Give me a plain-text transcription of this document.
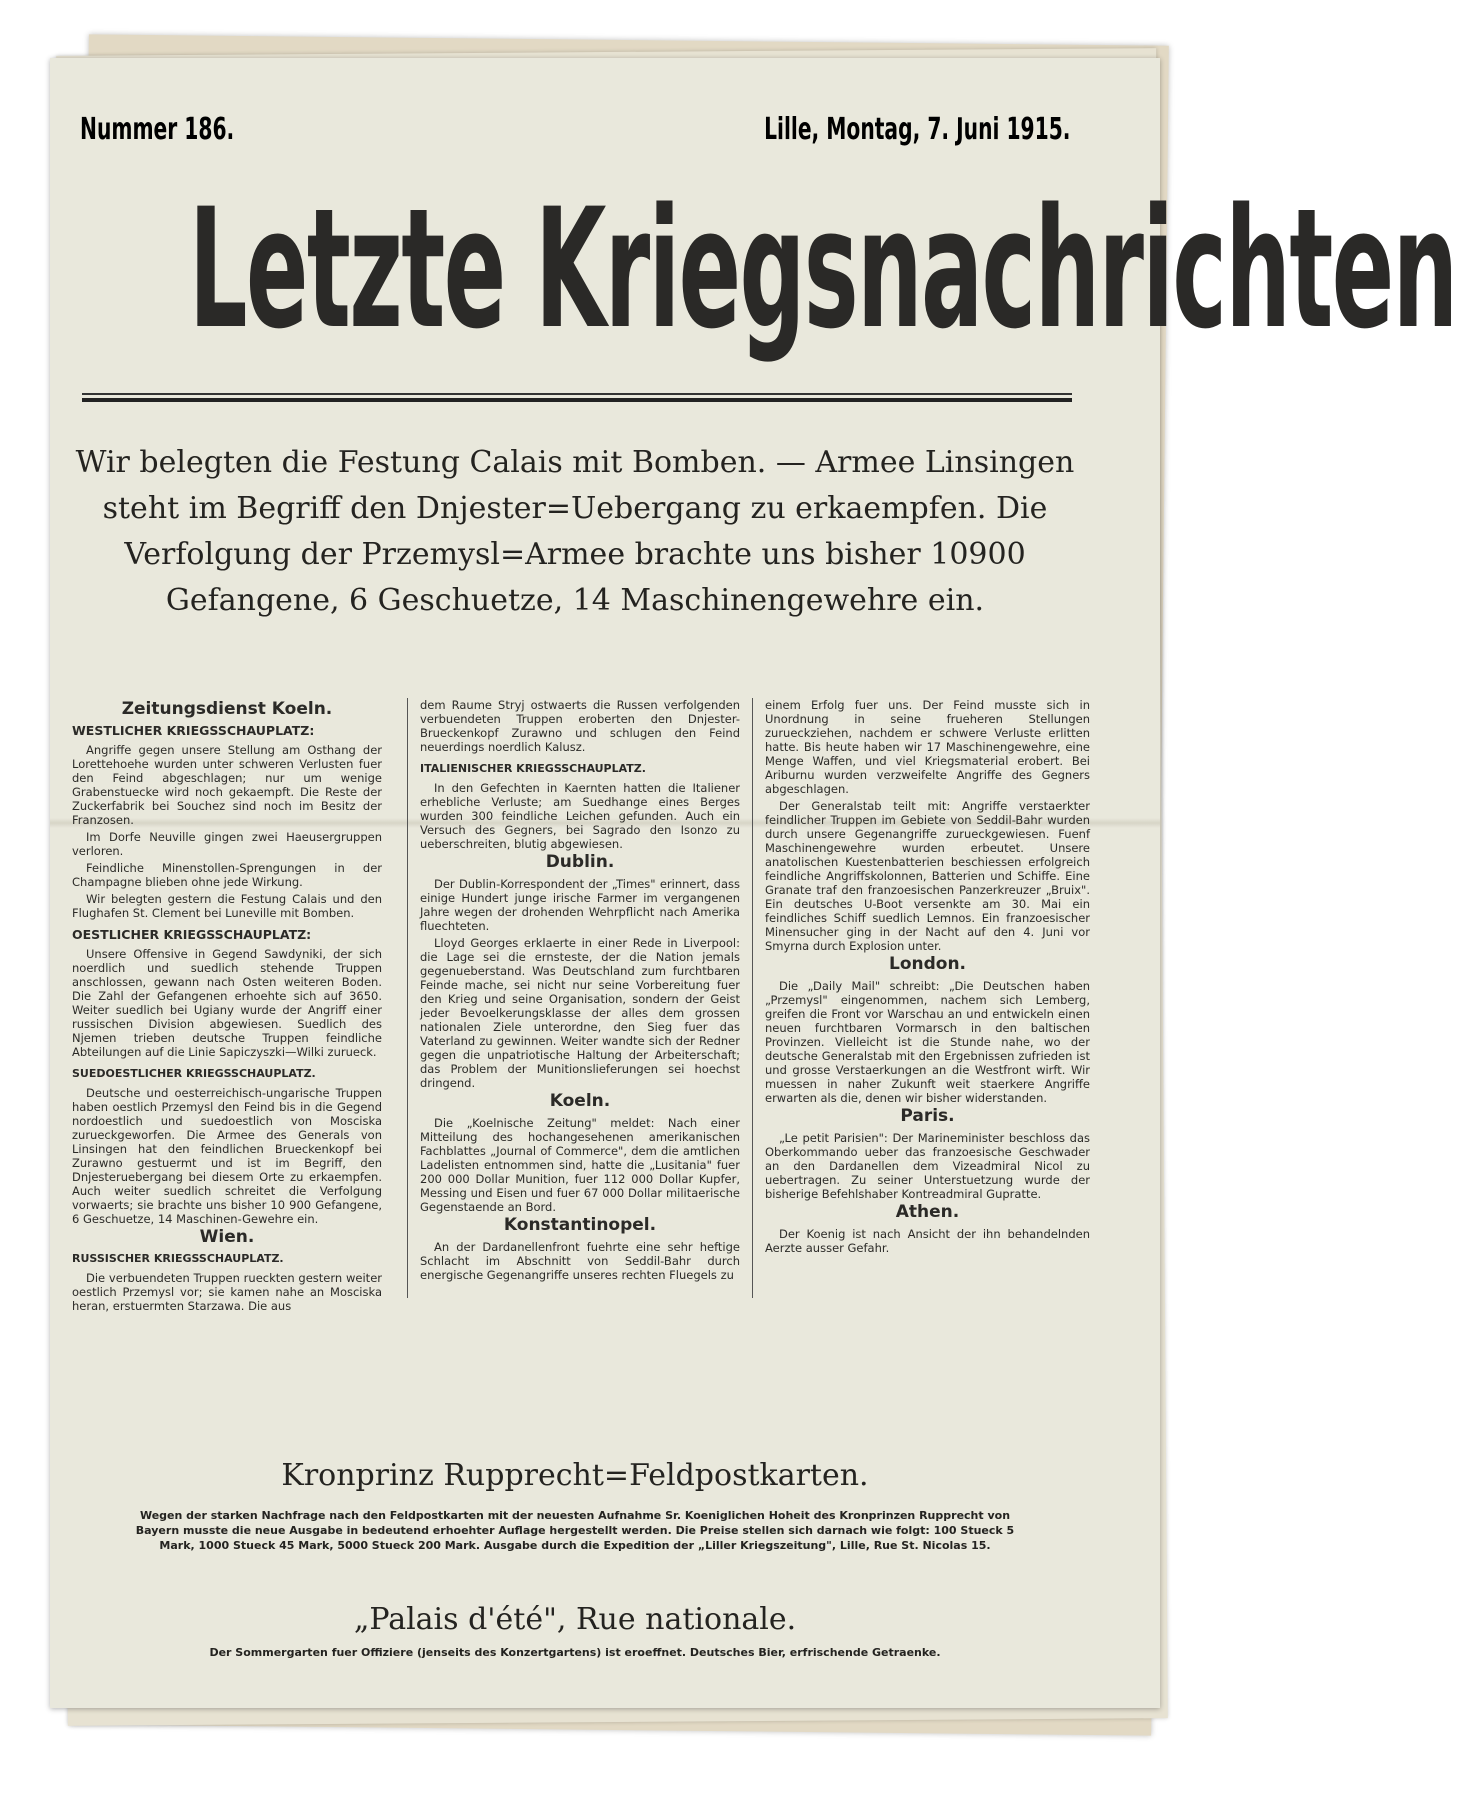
Nummer 186.	Lille, Montag, 7. Juni 1915.
Letzte Kriegsnachrichten
Wir belegten die Festung Calais mit Bomben. — Armee Linsingen steht im Begriff den Dnjester=Uebergang zu erkaempfen. Die Verfolgung der Przemysl=Armee brachte uns bisher 10900 Gefangene, 6 Geschuetze, 14 Maschinengewehre ein.
Zeitungsdienst Koeln.
WESTLICHER KRIEGSSCHAUPLATZ:

Angriffe gegen unsere Stellung am Osthang der Lorettehoehe wurden unter schweren Verlusten fuer den Feind abgeschlagen; nur um wenige Grabenstuecke wird noch gekaempft. Die Reste der Zuckerfabrik bei Souchez sind noch im Besitz der Franzosen.

Im Dorfe Neuville gingen zwei Haeusergruppen verloren.

Feindliche Minenstollen-Sprengungen in der Champagne blieben ohne jede Wirkung.

Wir belegten gestern die Festung Calais und den Flughafen St. Clement bei Luneville mit Bomben.

OESTLICHER KRIEGSSCHAUPLATZ:

Unsere Offensive in Gegend Sawdyniki, der sich noerdlich und suedlich stehende Truppen anschlossen, gewann nach Osten weiteren Boden. Die Zahl der Gefangenen erhoehte sich auf 3650. Weiter suedlich bei Ugiany wurde der Angriff einer russischen Division abgewiesen. Suedlich des Njemen trieben deutsche Truppen feindliche Abteilungen auf die Linie Sapiczyszki—Wilki zurueck.

SUEDOESTLICHER KRIEGSSCHAUPLATZ.

Deutsche und oesterreichisch-ungarische Truppen haben oestlich Przemysl den Feind bis in die Gegend nordoestlich und suedoestlich von Mosciska zurueckgeworfen. Die Armee des Generals von Linsingen hat den feindlichen Brueckenkopf bei Zurawno gestuermt und ist im Begriff, den Dnjesteruebergang bei diesem Orte zu erkaempfen. Auch weiter suedlich schreitet die Verfolgung vorwaerts; sie brachte uns bisher 10 900 Gefangene, 6 Geschuetze, 14 Maschinen-Gewehre ein.

Wien.
RUSSISCHER KRIEGSSCHAUPLATZ.

Die verbuendeten Truppen rueckten gestern weiter oestlich Przemysl vor; sie kamen nahe an Mosciska heran, erstuermten Starzawa. Die aus

dem Raume Stryj ostwaerts die Russen verfolgenden verbuendeten Truppen eroberten den Dnjester-Brueckenkopf Zurawno und schlugen den Feind neuerdings noerdlich Kalusz.

ITALIENISCHER KRIEGSSCHAUPLATZ.

In den Gefechten in Kaernten hatten die Italiener erhebliche Verluste; am Suedhange eines Berges wurden 300 feindliche Leichen gefunden. Auch ein Versuch des Gegners, bei Sagrado den Isonzo zu ueberschreiten, blutig abgewiesen.

Dublin.

Der Dublin-Korrespondent der „Times" erinnert, dass einige Hundert junge irische Farmer im vergangenen Jahre wegen der drohenden Wehrpflicht nach Amerika fluechteten.

Lloyd Georges erklaerte in einer Rede in Liverpool: die Lage sei die ernsteste, der die Nation jemals gegenueberstand. Was Deutschland zum furchtbaren Feinde mache, sei nicht nur seine Vorbereitung fuer den Krieg und seine Organisation, sondern der Geist jeder Bevoelkerungsklasse der alles dem grossen nationalen Ziele unterordne, den Sieg fuer das Vaterland zu gewinnen. Weiter wandte sich der Redner gegen die unpatriotische Haltung der Arbeiterschaft; das Problem der Munitionslieferungen sei hoechst dringend.

Koeln.

Die „Koelnische Zeitung" meldet: Nach einer Mitteilung des hochangesehenen amerikanischen Fachblattes „Journal of Commerce", dem die amtlichen Ladelisten entnommen sind, hatte die „Lusitania" fuer 200 000 Dollar Munition, fuer 112 000 Dollar Kupfer, Messing und Eisen und fuer 67 000 Dollar militaerische Gegenstaende an Bord.

Konstantinopel.

An der Dardanellenfront fuehrte eine sehr heftige Schlacht im Abschnitt von Seddil-Bahr durch energische Gegenangriffe unseres rechten Fluegels zu

einem Erfolg fuer uns. Der Feind musste sich in Unordnung in seine frueheren Stellungen zurueckziehen, nachdem er schwere Verluste erlitten hatte. Bis heute haben wir 17 Maschinengewehre, eine Menge Waffen, und viel Kriegsmaterial erobert. Bei Ariburnu wurden verzweifelte Angriffe des Gegners abgeschlagen.

Der Generalstab teilt mit: Angriffe verstaerkter feindlicher Truppen im Gebiete von Seddil-Bahr wurden durch unsere Gegenangriffe zurueckgewiesen. Fuenf Maschinengewehre wurden erbeutet. Unsere anatolischen Kuestenbatterien beschiessen erfolgreich feindliche Angriffskolonnen, Batterien und Schiffe. Eine Granate traf den franzoesischen Panzerkreuzer „Bruix". Ein deutsches U-Boot versenkte am 30. Mai ein feindliches Schiff suedlich Lemnos. Ein franzoesischer Minensucher ging in der Nacht auf den 4. Juni vor Smyrna durch Explosion unter.

London.

Die „Daily Mail" schreibt: „Die Deutschen haben „Przemysl" eingenommen, nachem sich Lemberg, greifen die Front vor Warschau an und entwickeln einen neuen furchtbaren Vormarsch in den baltischen Provinzen. Vielleicht ist die Stunde nahe, wo der deutsche Generalstab mit den Ergebnissen zufrieden ist und grosse Verstaerkungen an die Westfront wirft. Wir muessen in naher Zukunft weit staerkere Angriffe erwarten als die, denen wir bisher widerstanden.

Paris.

„Le petit Parisien": Der Marineminister beschloss das Oberkommando ueber das franzoesische Geschwader an den Dardanellen dem Vizeadmiral Nicol zu uebertragen. Zu seiner Unterstuetzung wurde der bisherige Befehlshaber Kontreadmiral Gupratte.

Athen.

Der Koenig ist nach Ansicht der ihn behandelnden Aerzte ausser Gefahr.

Kronprinz Rupprecht=Feldpostkarten.
Wegen der starken Nachfrage nach den Feldpostkarten mit der neuesten Aufnahme Sr. Koeniglichen Hoheit des Kronprinzen Rupprecht von Bayern musste die neue Ausgabe in bedeutend erhoehter Auflage hergestellt werden. Die Preise stellen sich darnach wie folgt: 100 Stueck 5 Mark, 1000 Stueck 45 Mark, 5000 Stueck 200 Mark. Ausgabe durch die Expedition der „Liller Kriegszeitung", Lille, Rue St. Nicolas 15.
„Palais d'été", Rue nationale.
Der Sommergarten fuer Offiziere (jenseits des Konzertgartens) ist eroeffnet. Deutsches Bier, erfrischende Getraenke.
